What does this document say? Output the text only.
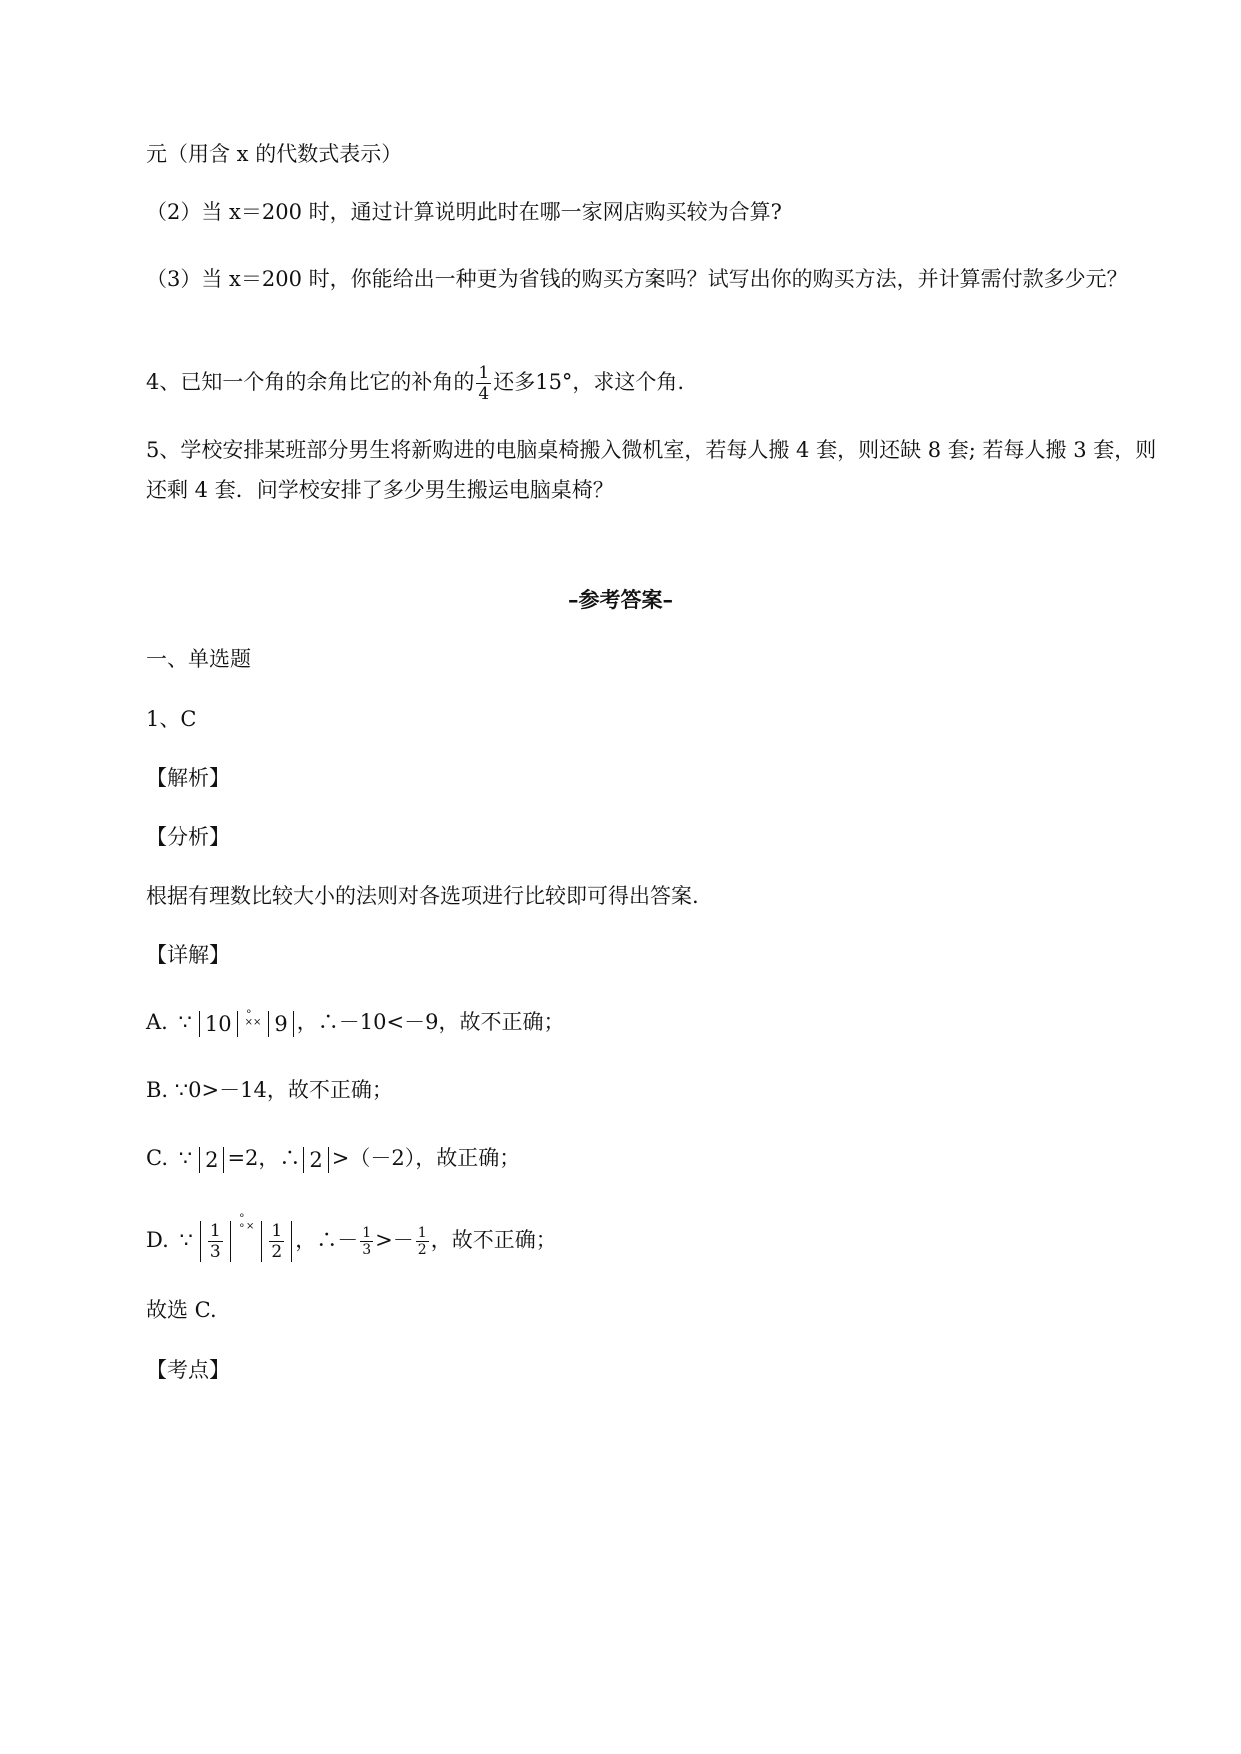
元（用含 x 的代数式表示）
（2）当 x＝200 时，通过计算说明此时在哪一家网店购买较为合算?
（3）当 x＝200 时，你能给出一种更为省钱的购买方案吗？试写出你的购买方法，并计算需付款多少元？
4、已知一个角的余角比它的补角的 $\frac{1}{4}$ 还多15°，求这个角.
5、学校安排某班部分男生将新购进的电脑桌椅搬入微机室，若每人搬 4 套，则还缺 8 套; 若每人搬 3 套，则还剩 4 套．问学校安排了多少男生搬运电脑桌椅？
–参考答案–
一、单选题
1、C
【解析】
【分析】
根据有理数比较大小的法则对各选项进行比较即可得出答案.
【详解】
A. ∵ 10 ⚬
×× 9 ，∴－10<－9，故不正确；
B. ∵0>－14，故不正确；
C. ∵ 2 =2，∴ 2 >（－2），故正确；
D. ∵ $\frac{1}{3}$
⚬
⚬× $\frac{1}{2}$ ，∴－ $\frac{1}{3} >- \frac{1}{2}$ ，故不正确；
故选 C.
【考点】
